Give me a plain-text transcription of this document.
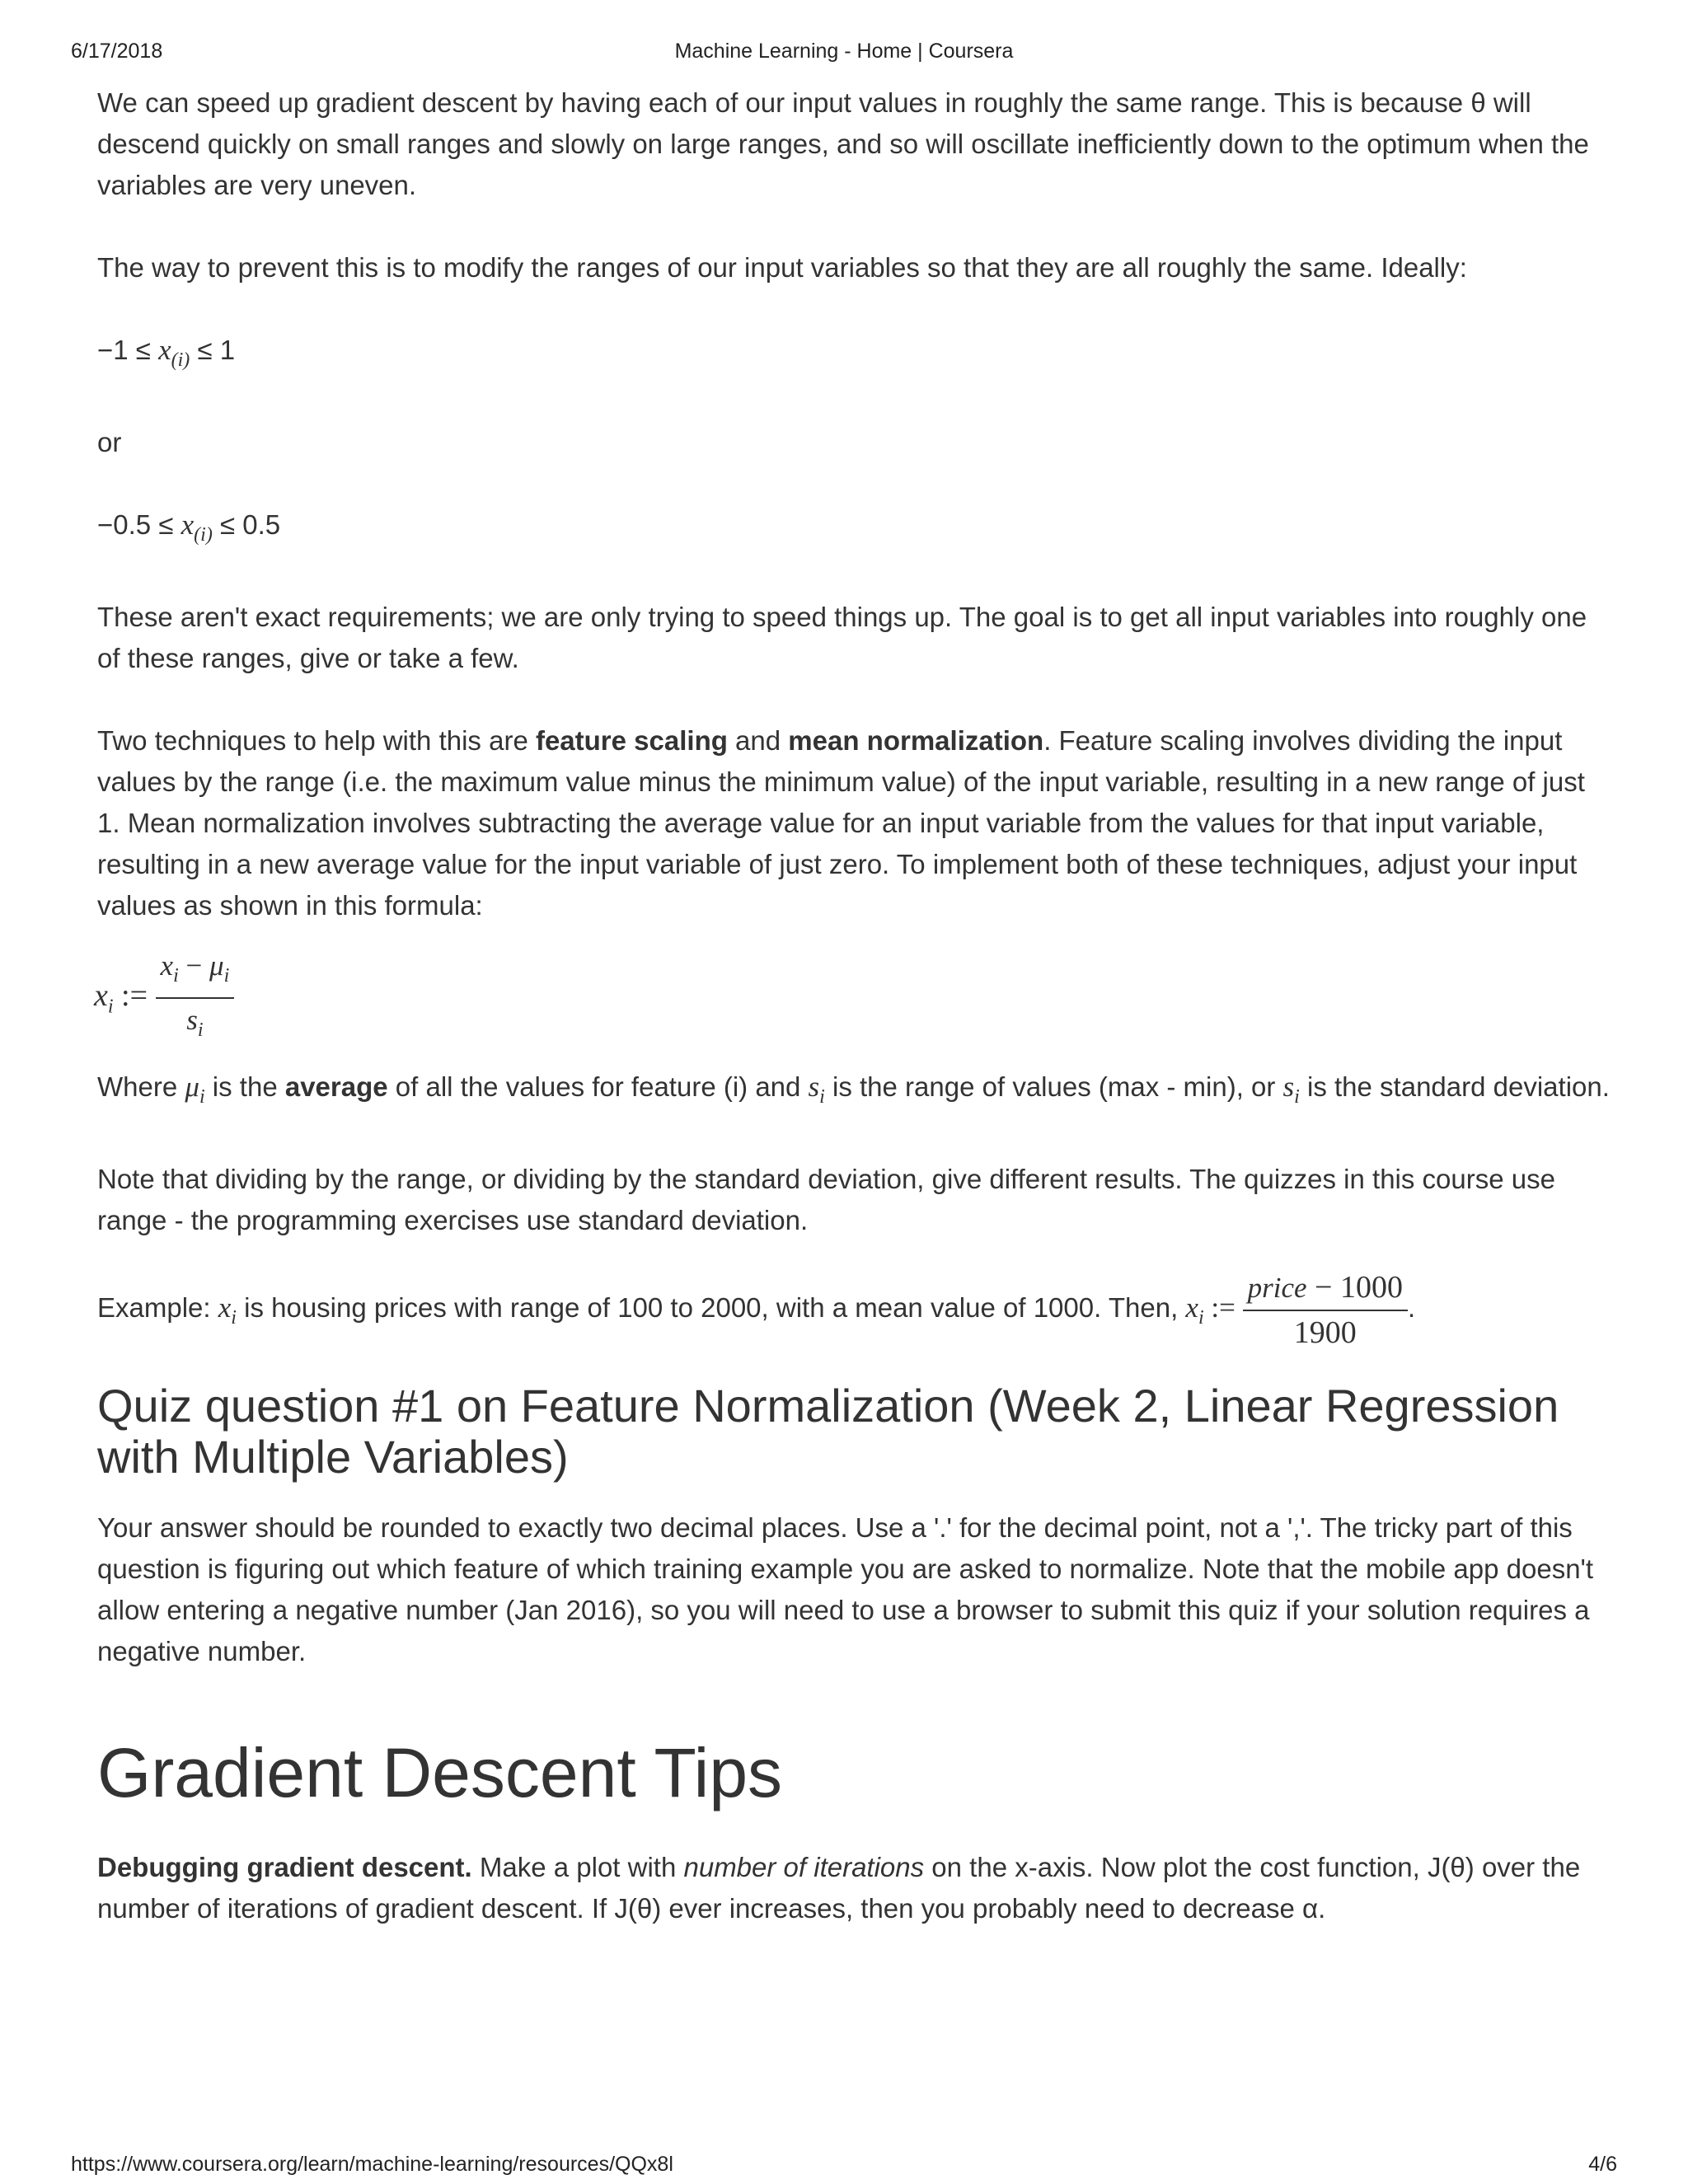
6/17/2018	Machine Learning - Home | Coursera

We can speed up gradient descent by having each of our input values in roughly the same range. This is because θ will descend quickly on small ranges and slowly on large ranges, and so will oscillate inefficiently down to the optimum when the variables are very uneven.

The way to prevent this is to modify the ranges of our input variables so that they are all roughly the same. Ideally:

$-1 \le x_{(i)} \le 1$

or

$-0.5 \le x_{(i)} \le 0.5$

These aren't exact requirements; we are only trying to speed things up. The goal is to get all input variables into roughly one of these ranges, give or take a few.

Two techniques to help with this are feature scaling and mean normalization. Feature scaling involves dividing the input values by the range (i.e. the maximum value minus the minimum value) of the input variable, resulting in a new range of just 1. Mean normalization involves subtracting the average value for an input variable from the values for that input variable, resulting in a new average value for the input variable of just zero. To implement both of these techniques, adjust your input values as shown in this formula:

$x_i$ := $\frac{x_i - \mu_i}{s_i}$

Where $\mu_i$ is the average of all the values for feature (i) and $s_i$ is the range of values (max - min), or $s_i$ is the standard deviation.

Note that dividing by the range, or dividing by the standard deviation, give different results. The quizzes in this course use range - the programming exercises use standard deviation.

Example: $x_i$ is housing prices with range of 100 to 2000, with a mean value of 1000. Then, $x_i$ := $\frac{\text{price − 1000}}{1900}$ .
Quiz question #1 on Feature Normalization (Week 2, Linear Regression with Multiple Variables)

Your answer should be rounded to exactly two decimal places. Use a '.' for the decimal point, not a ','. The tricky part of this question is figuring out which feature of which training example you are asked to normalize. Note that the mobile app doesn't allow entering a negative number (Jan 2016), so you will need to use a browser to submit this quiz if your solution requires a negative number.

Gradient Descent Tips

Debugging gradient descent. Make a plot with number of iterations on the x-axis. Now plot the cost function, J(θ) over the number of iterations of gradient descent. If J(θ) ever increases, then you probably need to decrease α.

https://www.coursera.org/learn/machine-learning/resources/QQx8l	4/6
